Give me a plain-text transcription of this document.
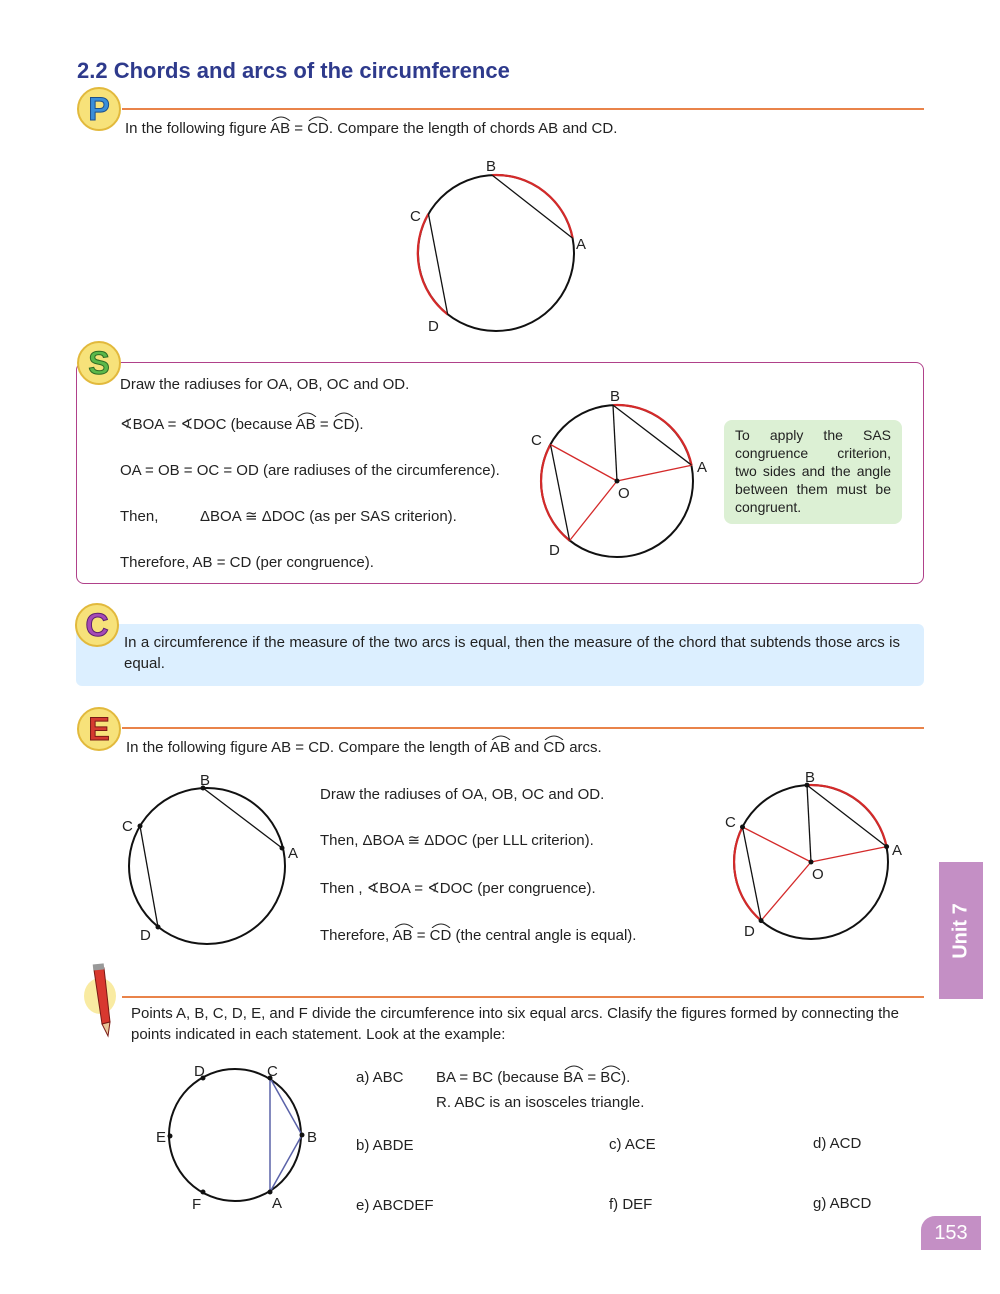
2.2 Chords and arcs of the circumference
P
In the following figure AB
= CD
. Compare the length of chords AB and CD.
B
A
C
D
S
Draw the radiuses for OA, OB, OC and OD.
∢BOA = ∢DOC (because AB
= CD
).
OA = OB = OC = OD (are radiuses of the circumference).
Then,	ΔBOA ≅ ΔDOC (as per SAS criterion).
Therefore, AB = CD (per congruence).
B
A
C
D
O
To apply the SAS congruence criterion, two sides and the angle between them must be congruent.
C In a circumference if the measure of the two arcs is equal, then the measure of the chord that subtends those arcs is equal.
E
In the following figure AB = CD. Compare the length of AB
and CD
arcs.
B
A
C
D
Draw the radiuses of OA, OB, OC and OD.
Then, ΔBOA ≅ ΔDOC (per LLL criterion).
Then , ∢BOA = ∢DOC (per congruence).
Therefore, AB
= CD
(the central angle is equal).
B
A
C
D
O
Unit 7
Points A, B, C, D, E, and F divide the circumference into six equal arcs. Clasify the figures formed by connecting the points indicated in each statement. Look at the example:
C
B
A
D
E
F
a) ABC BA = BC (because BA
= BC
).
R. ABC is an isosceles triangle.
b) ABDE	c) ACE	d) ACD
e) ABCDEF	f) DEF	g) ABCD
153
